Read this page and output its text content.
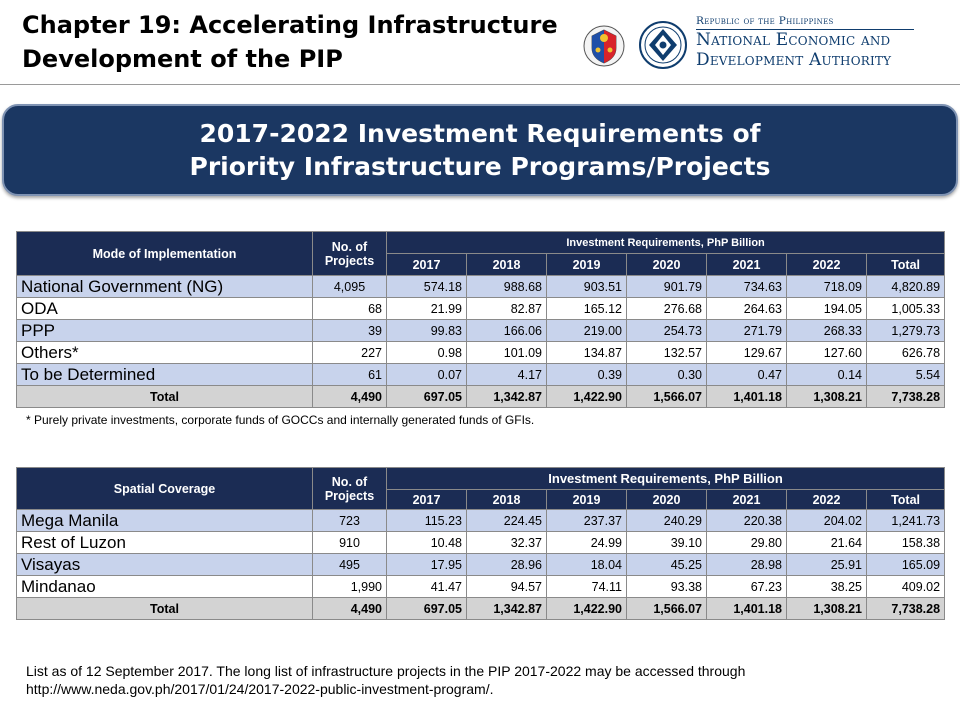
Chapter 19: Accelerating Infrastructure
Development of the PIP
Republic of the Philippines
National Economic and
Development Authority
2017-2022 Investment Requirements of
Priority Infrastructure Programs/Projects
Mode of Implementation	No. of Projects	Investment Requirements, PhP Billion						
		2017	2018	2019	2020	2021	2022	Total
National Government (NG)	4,095	574.18	988.68	903.51	901.79	734.63	718.09	4,820.89
ODA	68	21.99	82.87	165.12	276.68	264.63	194.05	1,005.33
PPP	39	99.83	166.06	219.00	254.73	271.79	268.33	1,279.73
Others*	227	0.98	101.09	134.87	132.57	129.67	127.60	626.78
To be Determined	61	0.07	4.17	0.39	0.30	0.47	0.14	5.54
Total	4,490	697.05	1,342.87	1,422.90	1,566.07	1,401.18	1,308.21	7,738.28
* Purely private investments, corporate funds of GOCCs and internally generated funds of GFIs.
Spatial Coverage	No. of Projects	Investment Requirements, PhP Billion						
		2017	2018	2019	2020	2021	2022	Total
Mega Manila	723	115.23	224.45	237.37	240.29	220.38	204.02	1,241.73
Rest of Luzon	910	10.48	32.37	24.99	39.10	29.80	21.64	158.38
Visayas	495	17.95	28.96	18.04	45.25	28.98	25.91	165.09
Mindanao	1,990	41.47	94.57	74.11	93.38	67.23	38.25	409.02
Total	4,490	697.05	1,342.87	1,422.90	1,566.07	1,401.18	1,308.21	7,738.28
List as of 12 September 2017. The long list of infrastructure projects in the PIP 2017-2022 may be accessed through
http://www.neda.gov.ph/2017/01/24/2017-2022-public-investment-program/.
